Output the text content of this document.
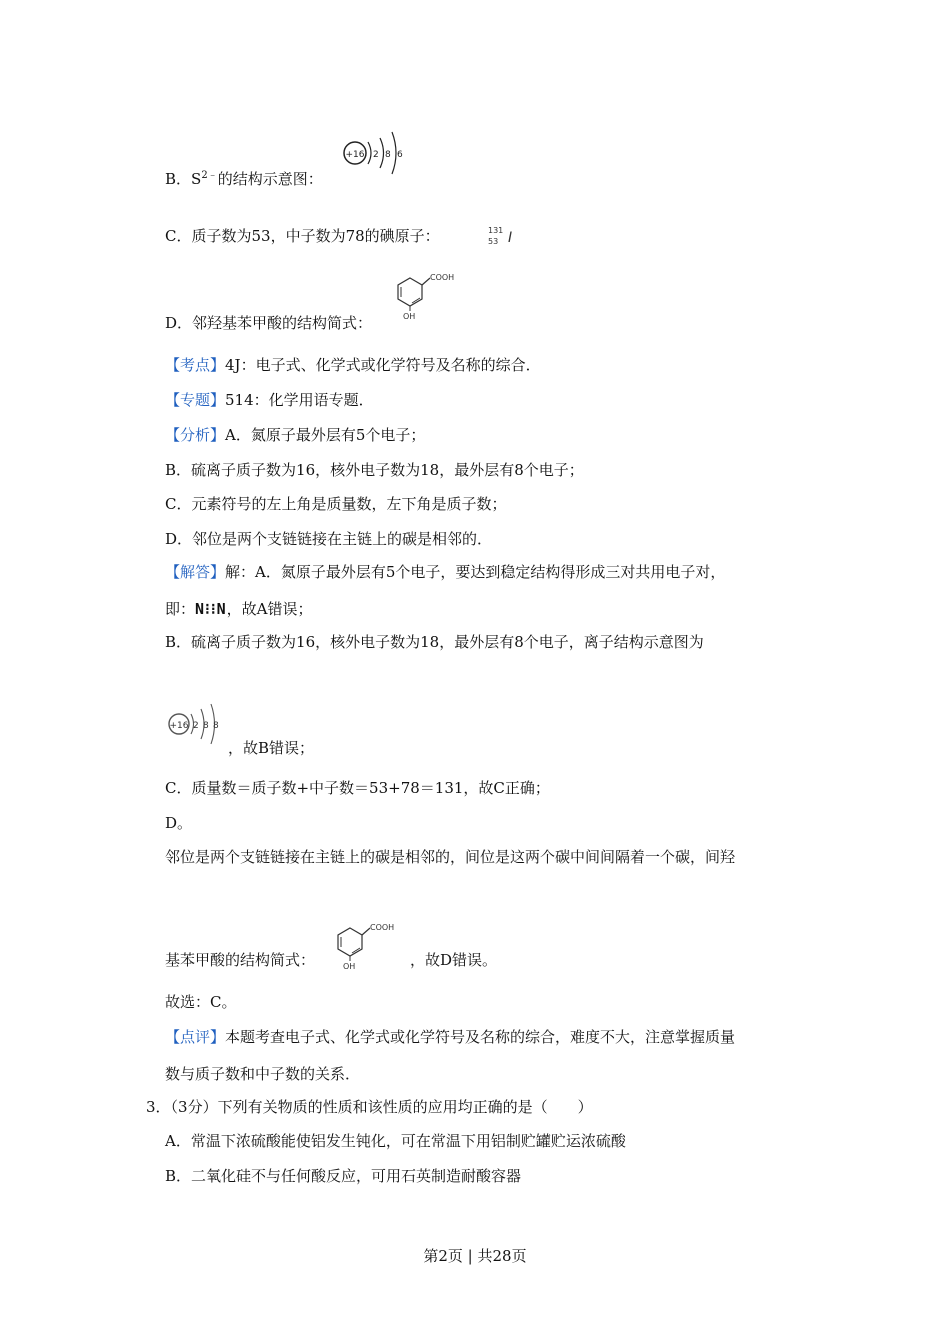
+16 2 8 6
B．$S^{2﹣}$的结构示意图：
C．质子数为53，中子数为78的碘原子：	131
53 I
COOH
OH
D．邻羟基苯甲酸的结构简式：
【考点】4J：电子式、化学式或化学符号及名称的综合．
【专题】514：化学用语专题．
【分析】A．氮原子最外层有5个电子；
B．硫离子质子数为16，核外电子数为18，最外层有8个电子；
C．元素符号的左上角是质量数，左下角是质子数；
D．邻位是两个支链链接在主链上的碳是相邻的．
【解答】解：A．氮原子最外层有5个电子，要达到稳定结构得形成三对共用电子对，
即：N⁝⁝N，故A错误；
B．硫离子质子数为16，核外电子数为18，最外层有8个电子，离子结构示意图为
+16 2 8 8
，故B错误；
C．质量数＝质子数+中子数＝53+78＝131，故C正确；
D。
邻位是两个支链链接在主链上的碳是相邻的，间位是这两个碳中间间隔着一个碳，间羟
COOH
OH
基苯甲酸的结构简式：	，故D错误。
故选：C。
【点评】本题考查电子式、化学式或化学符号及名称的综合，难度不大，注意掌握质量
数与质子数和中子数的关系．
3．（3分）下列有关物质的性质和该性质的应用均正确的是（　　）
A．常温下浓硫酸能使铝发生钝化，可在常温下用铝制贮罐贮运浓硫酸
B．二氧化硅不与任何酸反应，可用石英制造耐酸容器
第2页 | 共28页
